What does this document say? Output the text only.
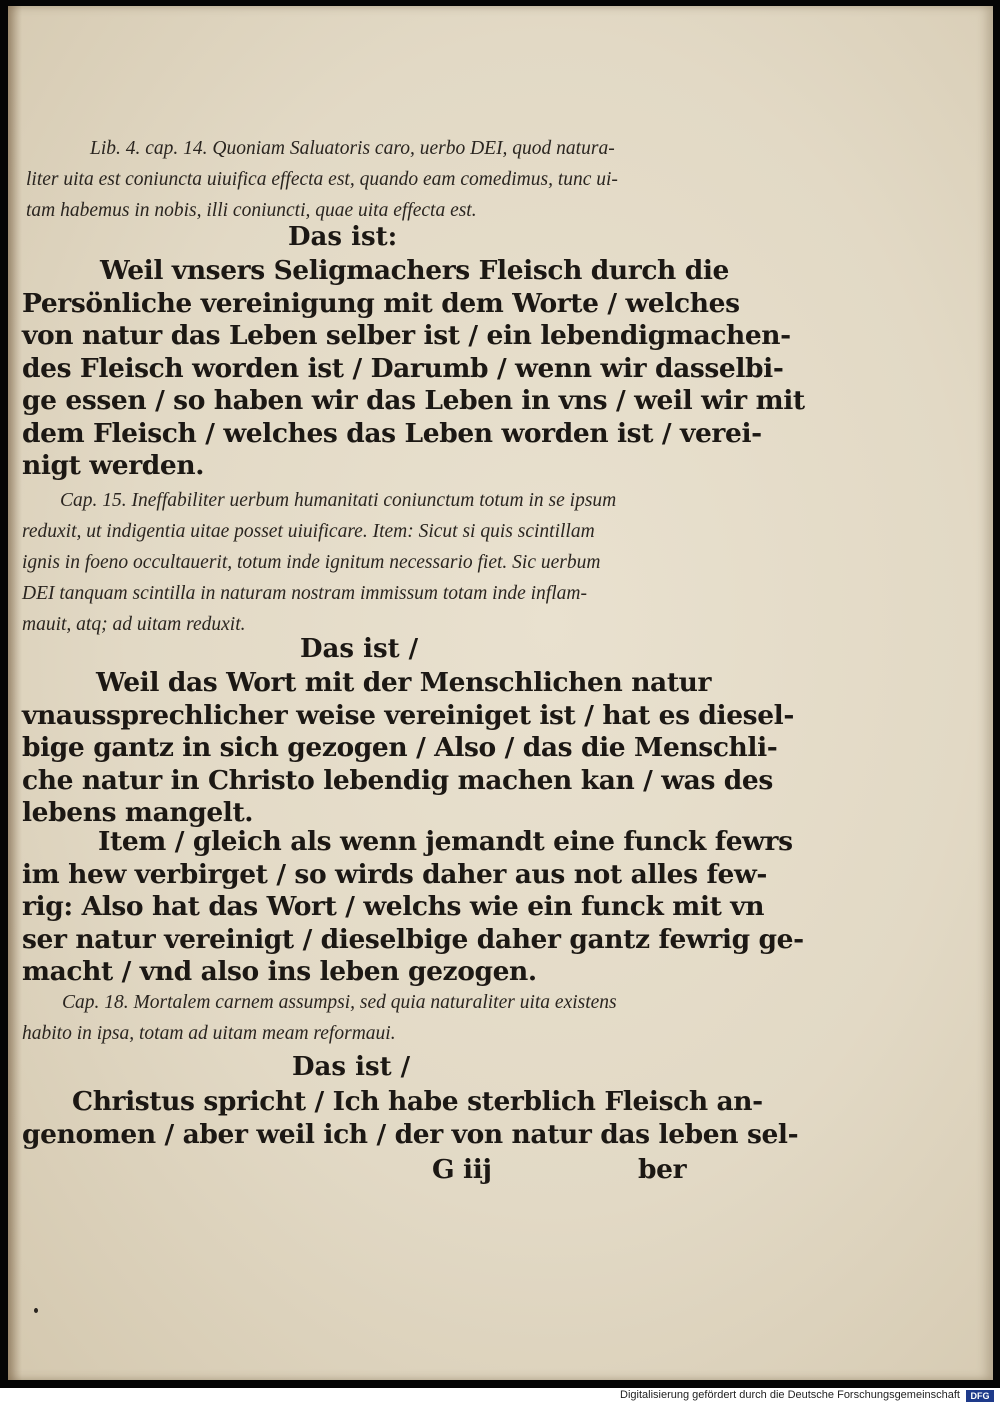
Lib. 4. cap. 14. Quoniam Saluatoris caro, uerbo DEI, quod natura-
liter uita est coniuncta uiuifica effecta est, quando eam comedimus, tunc ui-
tam habemus in nobis, illi coniuncti, quae uita effecta est.
Das ist:
Weil vnsers Seligmachers Fleisch durch die
Persönliche vereinigung mit dem Worte / welches
von natur das Leben selber ist / ein lebendigmachen-
des Fleisch worden ist / Darumb / wenn wir dasselbi-
ge essen / so haben wir das Leben in vns / weil wir mit
dem Fleisch / welches das Leben worden ist / verei-
nigt werden.
Cap. 15. Ineffabiliter uerbum humanitati coniunctum totum in se ipsum
reduxit, ut indigentia uitae posset uiuificare. Item: Sicut si quis scintillam
ignis in foeno occultauerit, totum inde ignitum necessario fiet. Sic uerbum
DEI tanquam scintilla in naturam nostram immissum totam inde inflam-
mauit, atq; ad uitam reduxit.
Das ist /
Weil das Wort mit der Menschlichen natur
vnaussprechlicher weise vereiniget ist / hat es diesel-
bige gantz in sich gezogen / Also / das die Menschli-
che natur in Christo lebendig machen kan / was des
lebens mangelt.
Item / gleich als wenn jemandt eine funck fewrs
im hew verbirget / so wirds daher aus not alles few-
rig: Also hat das Wort / welchs wie ein funck mit vn
ser natur vereinigt / dieselbige daher gantz fewrig ge-
macht / vnd also ins leben gezogen.
Cap. 18. Mortalem carnem assumpsi, sed quia naturaliter uita existens
habito in ipsa, totam ad uitam meam reformaui.
Das ist /
Christus spricht / Ich habe sterblich Fleisch an-
genomen / aber weil ich / der von natur das leben sel-
G iij	ber
Digitalisierung gefördert durch die Deutsche Forschungsgemeinschaft	DFG
